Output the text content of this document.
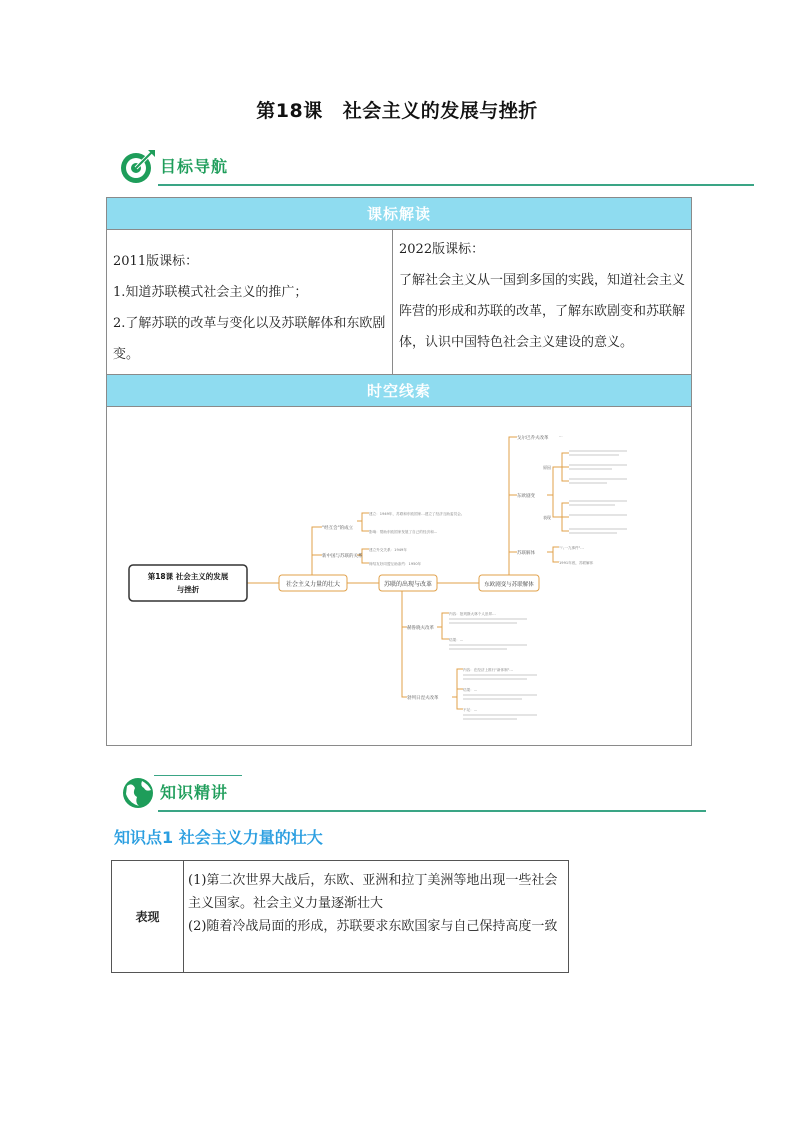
第18课 社会主义的发展与挫折
目标导航
课标解读

2011版课标：
1.知道苏联模式社会主义的推广；
2.了解苏联的改革与变化以及苏联解体和东欧剧变。

2022版课标：
了解社会主义从一国到多国的实践，知道社会主义阵营的形成和苏联的改革，了解东欧剧变和苏联解体，认识中国特色社会主义建设的意义。

时空线索

第18课 社会主义的发展
与挫折
社会主义力量的壮大	苏联的出现与改革	东欧剧变与苏联解体
"经互会"的成立
新中国与苏联的关系
建立：1949年，苏联和东欧国家…建立了经济互助委员会。
影响：帮助东欧国家发展了自己的经济和…
建立外交关系：1949年
缔结友好同盟互助条约：1950年
赫鲁晓夫改革
勃列日涅夫改革
内容：批判斯大林个人崇拜…
结果：…
内容：在经济上推行"新体制"…
结果：…
不足：…
戈尔巴乔夫改革
东欧剧变
苏联解体
…
原因
表现
"八一九事件"…
1991年底，苏联解体
知识精讲
知识点1 社会主义力量的壮大
表现	
(1)第二次世界大战后，东欧、亚洲和拉丁美洲等地出现一些社会主义国家。社会主义力量逐渐壮大
(2)随着冷战局面的形成，苏联要求东欧国家与自己保持高度一致
